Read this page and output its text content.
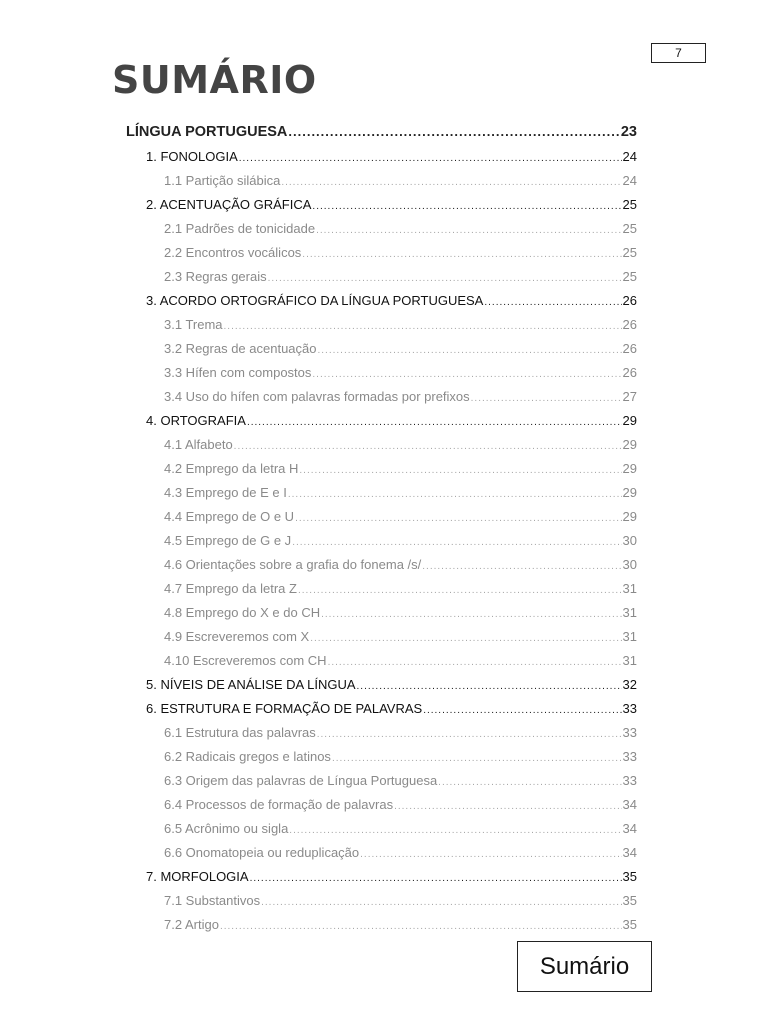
7
SUMÁRIO
LÍNGUA PORTUGUESA .....	23
1. FONOLOGIA .....	24
1.1 Partição silábica .....	24
2. ACENTUAÇÃO GRÁFICA .....	25
2.1 Padrões de tonicidade .....	25
2.2 Encontros vocálicos .....	25
2.3 Regras gerais .....	25
3. ACORDO ORTOGRÁFICO DA LÍNGUA PORTUGUESA .....	26
3.1 Trema .....	26
3.2 Regras de acentuação .....	26
3.3 Hífen com compostos .....	26
3.4 Uso do hífen com palavras formadas por prefixos .....	27
4. ORTOGRAFIA .....	29
4.1 Alfabeto .....	29
4.2 Emprego da letra H .....	29
4.3 Emprego de E e I .....	29
4.4 Emprego de O e U .....	29
4.5 Emprego de G e J .....	30
4.6 Orientações sobre a grafia do fonema /s/ .....	30
4.7 Emprego da letra Z .....	31
4.8 Emprego do X e do CH .....	31
4.9 Escreveremos com X .....	31
4.10 Escreveremos com CH .....	31
5. NÍVEIS DE ANÁLISE DA LÍNGUA .....	32
6. ESTRUTURA E FORMAÇÃO DE PALAVRAS .....	33
6.1 Estrutura das palavras .....	33
6.2 Radicais gregos e latinos .....	33
6.3 Origem das palavras de Língua Portuguesa .....	33
6.4 Processos de formação de palavras .....	34
6.5 Acrônimo ou sigla .....	34
6.6 Onomatopeia ou reduplicação .....	34
7. MORFOLOGIA .....	35
7.1 Substantivos .....	35
7.2 Artigo .....	35
Sumário
